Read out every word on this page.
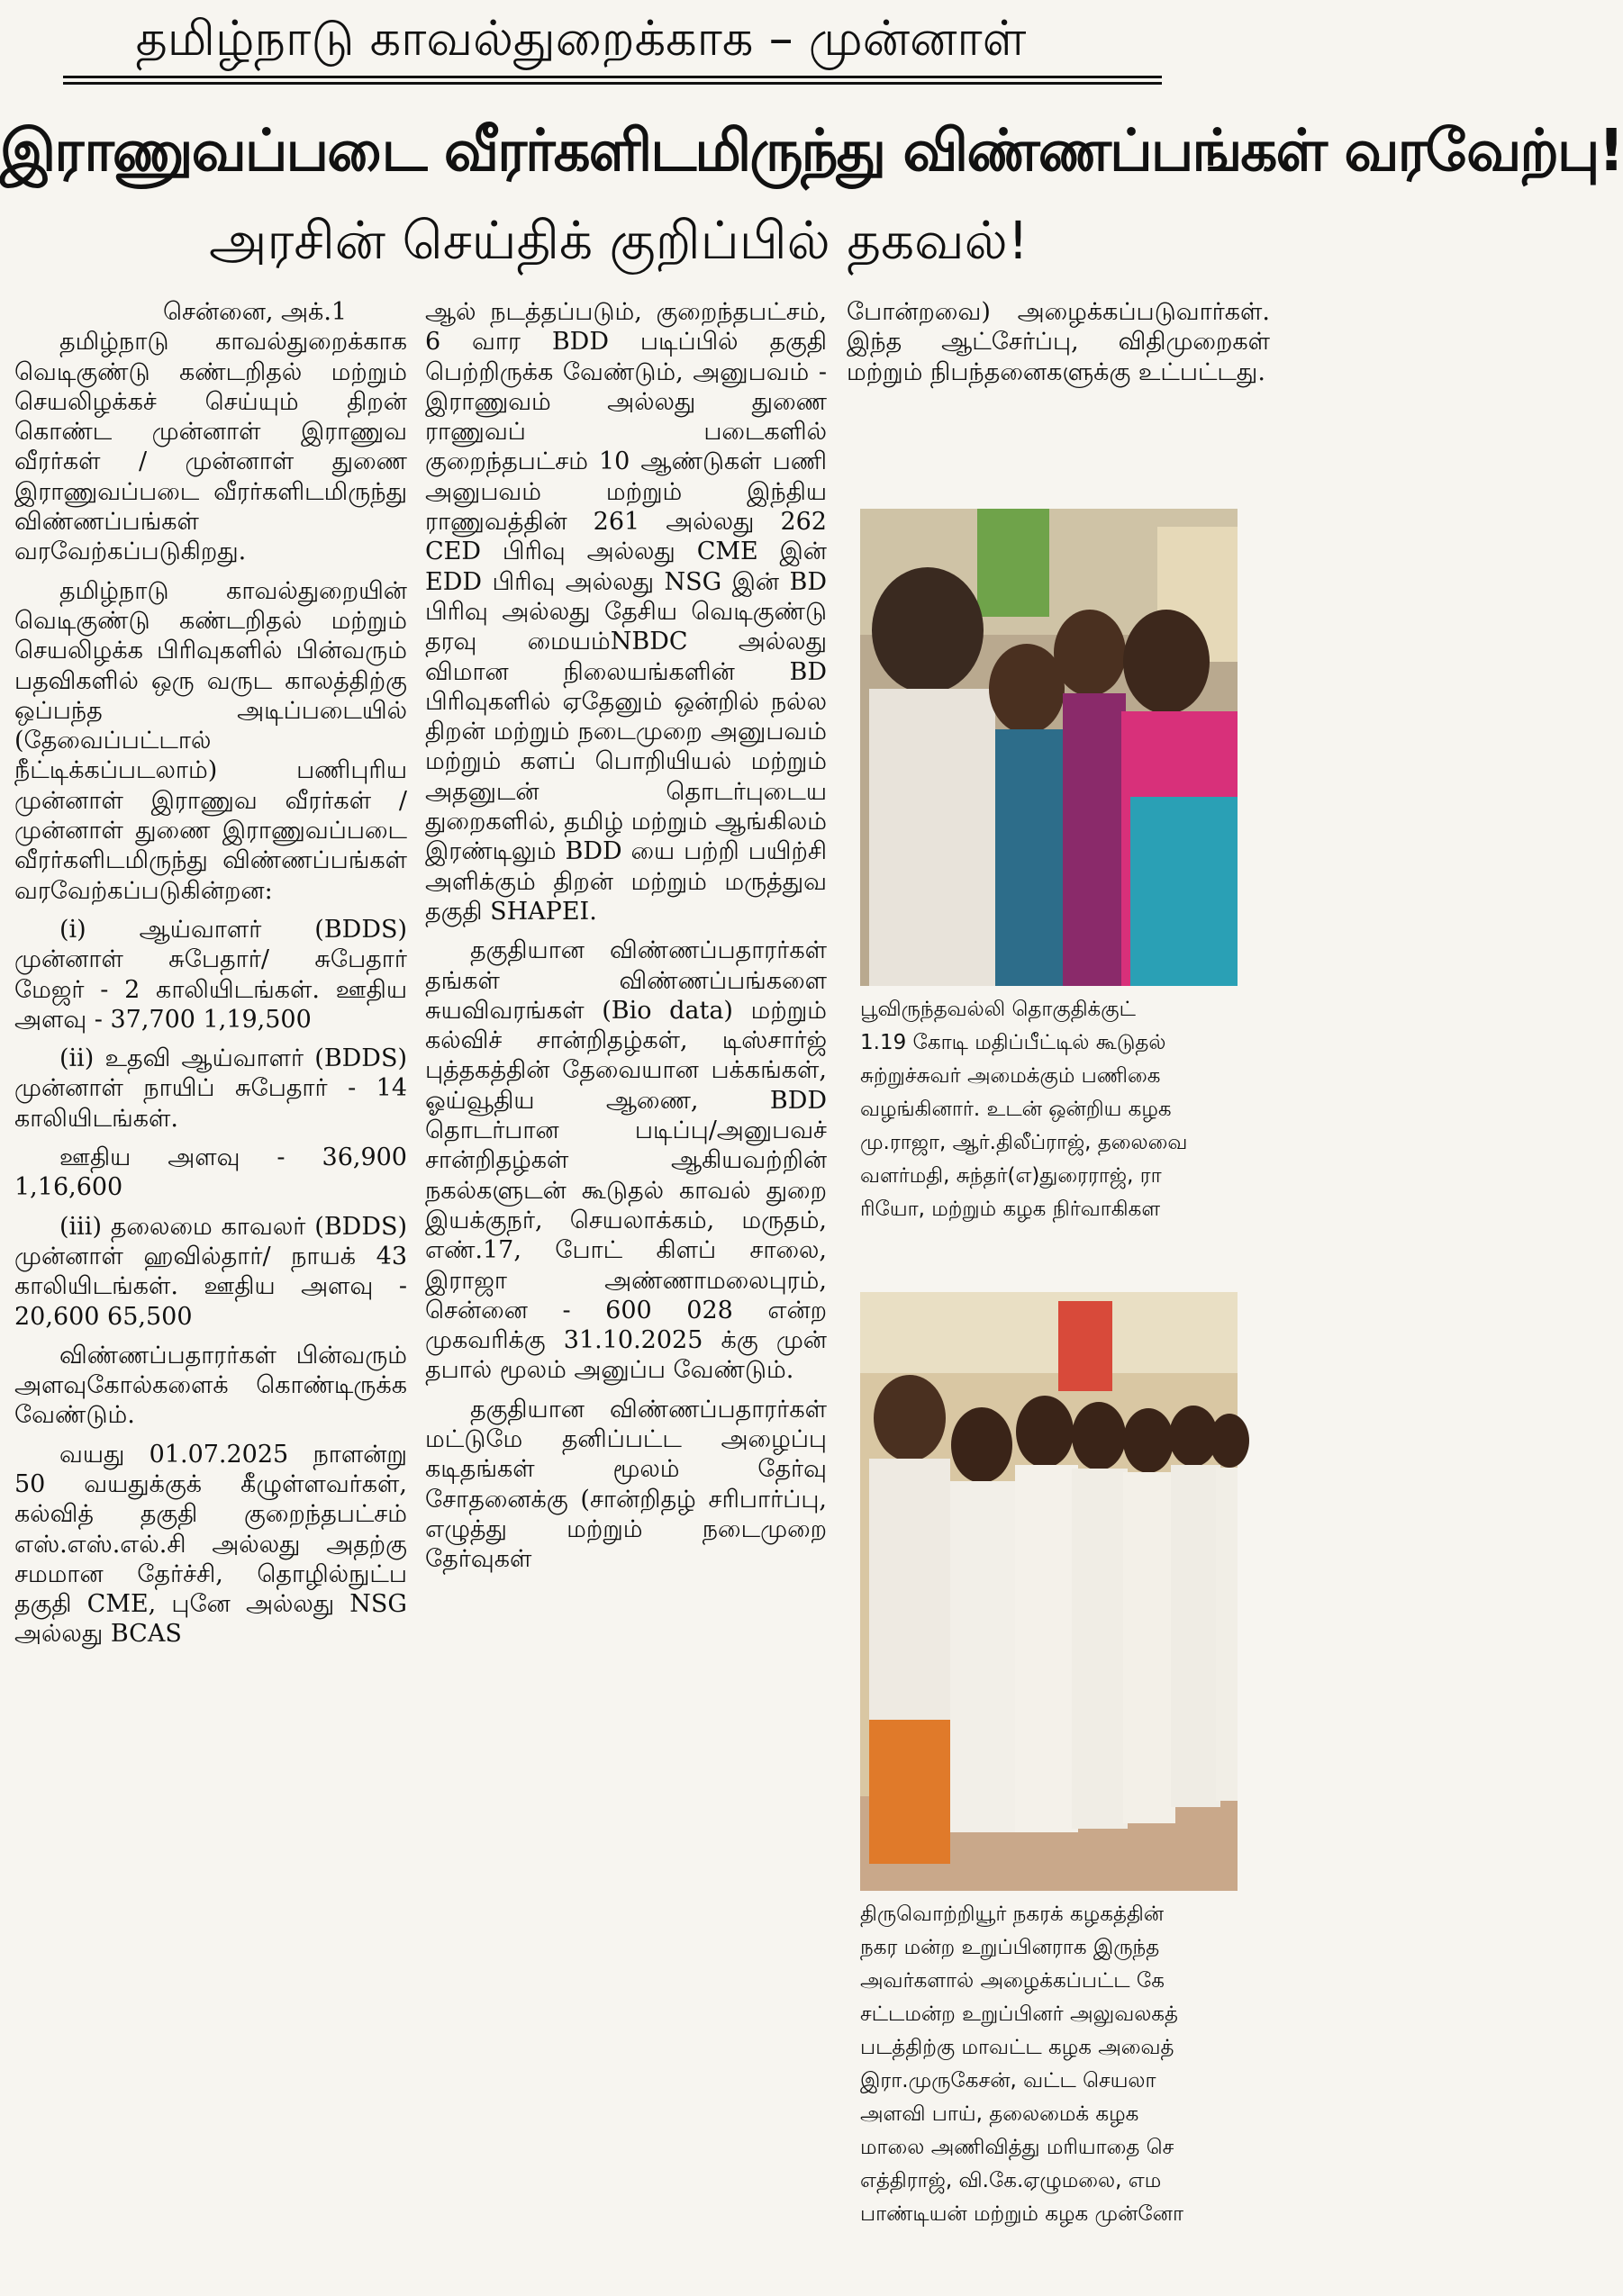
தமிழ்நாடு காவல்துறைக்காக – முன்னாள்
இராணுவப்படை வீரர்களிடமிருந்து விண்ணப்பங்கள் வரவேற்பு!
அரசின் செய்திக் குறிப்பில் தகவல்!

சென்னை, அக்.1

தமிழ்நாடு காவல்துறைக்காக வெடிகுண்டு கண்டறிதல் மற்றும் செயலிழக்கச் செய்யும் திறன் கொண்ட முன்னாள் இராணுவ வீரர்கள் / முன்னாள் துணை இராணுவப்படை வீரர்களிடமிருந்து விண்ணப்பங்கள் வரவேற்கப்படுகிறது.

தமிழ்நாடு காவல்துறையின் வெடிகுண்டு கண்டறிதல் மற்றும் செயலிழக்க பிரிவுகளில் பின்வரும் பதவிகளில் ஒரு வருட காலத்திற்கு ஒப்பந்த அடிப்படையில் (தேவைப்பட்டால் நீட்டிக்கப்படலாம்) பணிபுரிய முன்னாள் இராணுவ வீரர்கள் / முன்னாள் துணை இராணுவப்படை வீரர்களிடமிருந்து விண்ணப்பங்கள் வரவேற்கப்படுகின்றன:

(i) ஆய்வாளர் (BDDS) முன்னாள் சுபேதார்/ சுபேதார் மேஜர் - 2 காலியிடங்கள். ஊதிய அளவு - 37,700 1,19,500

(ii) உதவி ஆய்வாளர் (BDDS) முன்னாள் நாயிப் சுபேதார் - 14 காலியிடங்கள்.

ஊதிய அளவு - 36,900 1,16,600

(iii) தலைமை காவலர் (BDDS) முன்னாள் ஹவில்தார்/ நாயக் 43 காலியிடங்கள். ஊதிய அளவு - 20,600 65,500

விண்ணப்பதாரர்கள் பின்வரும் அளவுகோல்களைக் கொண்டிருக்க வேண்டும்.

வயது 01.07.2025 நாளன்று 50 வயதுக்குக் கீழுள்ளவர்கள், கல்வித் தகுதி குறைந்தபட்சம் எஸ்.எஸ்.எல்.சி அல்லது அதற்கு சமமான தேர்ச்சி, தொழில்நுட்ப தகுதி CME, புனே அல்லது NSG அல்லது BCAS

ஆல் நடத்தப்படும், குறைந்தபட்சம், 6 வார BDD படிப்பில் தகுதி பெற்றிருக்க வேண்டும், அனுபவம் - இராணுவம் அல்லது துணை ராணுவப் படைகளில் குறைந்தபட்சம் 10 ஆண்டுகள் பணி அனுபவம் மற்றும் இந்திய ராணுவத்தின் 261 அல்லது 262 CED பிரிவு அல்லது CME இன் EDD பிரிவு அல்லது NSG இன் BD பிரிவு அல்லது தேசிய வெடிகுண்டு தரவு மையம்NBDC அல்லது விமான நிலையங்களின் BD பிரிவுகளில் ஏதேனும் ஒன்றில் நல்ல திறன் மற்றும் நடைமுறை அனுபவம் மற்றும் களப் பொறியியல் மற்றும் அதனுடன் தொடர்புடைய துறைகளில், தமிழ் மற்றும் ஆங்கிலம் இரண்டிலும் BDD யை பற்றி பயிற்சி அளிக்கும் திறன் மற்றும் மருத்துவ தகுதி SHAPEI.

தகுதியான விண்ணப்பதாரர்கள் தங்கள் விண்ணப்பங்களை சுயவிவரங்கள் (Bio data) மற்றும் கல்விச் சான்றிதழ்கள், டிஸ்சார்ஜ் புத்தகத்தின் தேவையான பக்கங்கள், ஓய்வூதிய ஆணை, BDD தொடர்பான படிப்பு/அனுபவச் சான்றிதழ்கள் ஆகியவற்றின் நகல்களுடன் கூடுதல் காவல் துறை இயக்குநர், செயலாக்கம், மருதம், எண்.17, போட் கிளப் சாலை, இராஜா அண்ணாமலைபுரம், சென்னை - 600 028 என்ற முகவரிக்கு 31.10.2025 க்கு முன் தபால் மூலம் அனுப்ப வேண்டும்.

தகுதியான விண்ணப்பதாரர்கள் மட்டுமே தனிப்பட்ட அழைப்பு கடிதங்கள் மூலம் தேர்வு சோதனைக்கு (சான்றிதழ் சரிபார்ப்பு, எழுத்து மற்றும் நடைமுறை தேர்வுகள்

போன்றவை) அழைக்கப்படுவார்கள். இந்த ஆட்சேர்ப்பு, விதிமுறைகள் மற்றும் நிபந்தனைகளுக்கு உட்பட்டது.

பூவிருந்தவல்லி தொகுதிக்குட்
1.19 கோடி மதிப்பீட்டில் கூடுதல்
சுற்றுச்சுவர் அமைக்கும் பணிகை
வழங்கினார். உடன் ஒன்றிய கழக
மு.ராஜா, ஆர்.திலீப்ராஜ், தலைவை
வளர்மதி, சுந்தர்(எ)துரைராஜ், ரா
ரியோ, மற்றும் கழக நிர்வாகிகள
திருவொற்றியூர் நகரக் கழகத்தின்
நகர மன்ற உறுப்பினராக இருந்த
அவர்களால் அழைக்கப்பட்ட கே
சட்டமன்ற உறுப்பினர் அலுவலகத்
படத்திற்கு மாவட்ட கழக அவைத்
இரா.முருகேசன், வட்ட செயலா
அளவி பாய், தலைமைக் கழக
மாலை அணிவித்து மரியாதை செ
எத்திராஜ், வி.கே.ஏழுமலை, எம
பாண்டியன் மற்றும் கழக முன்னோ
